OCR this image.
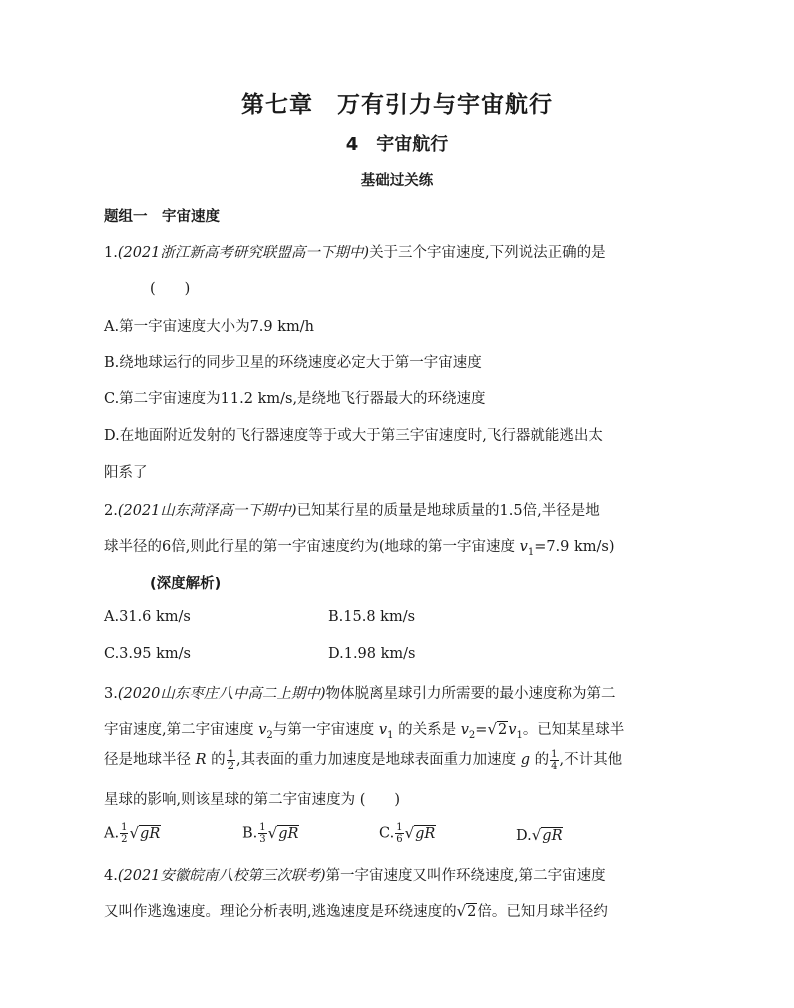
第七章　万有引力与宇宙航行
4　宇宙航行
基础过关练
题组一　宇宙速度
1.(2021浙江新高考研究联盟高一下期中)关于三个宇宙速度,下列说法正确的是
(　　)
A.第一宇宙速度大小为7.9 km/h
B.绕地球运行的同步卫星的环绕速度必定大于第一宇宙速度
C.第二宇宙速度为11.2 km/s,是绕地飞行器最大的环绕速度
D.在地面附近发射的飞行器速度等于或大于第三宇宙速度时,飞行器就能逃出太
阳系了
2.(2021山东菏泽高一下期中)已知某行星的质量是地球质量的1.5倍,半径是地
球半径的6倍,则此行星的第一宇宙速度约为(地球的第一宇宙速度 $v_1=7.9$ km/s)
(深度解析)
A.31.6 km/s	B.15.8 km/s
C.3.95 km/s	D.1.98 km/s
3.(2020山东枣庄八中高二上期中)物体脱离星球引力所需要的最小速度称为第二
宇宙速度,第二宇宙速度 $v_2$与第一宇宙速度 $v_1$ 的关系是 $v_2=√2v_1$。已知某星球半
径是地球半径 R 的 $\frac{1}{2}$ ,其表面的重力加速度是地球表面重力加速度 g 的 $\frac{1}{4}$ ,不计其他
星球的影响,则该星球的第二宇宙速度为 (　　)
A. $\frac{1}{2} √gR$	B. $\frac{1}{3} √gR$	C. $\frac{1}{6} √gR$	D.√gR
4.(2021安徽皖南八校第三次联考)第一宇宙速度又叫作环绕速度,第二宇宙速度
又叫作逃逸速度。理论分析表明,逃逸速度是环绕速度的√2倍。已知月球半径约
